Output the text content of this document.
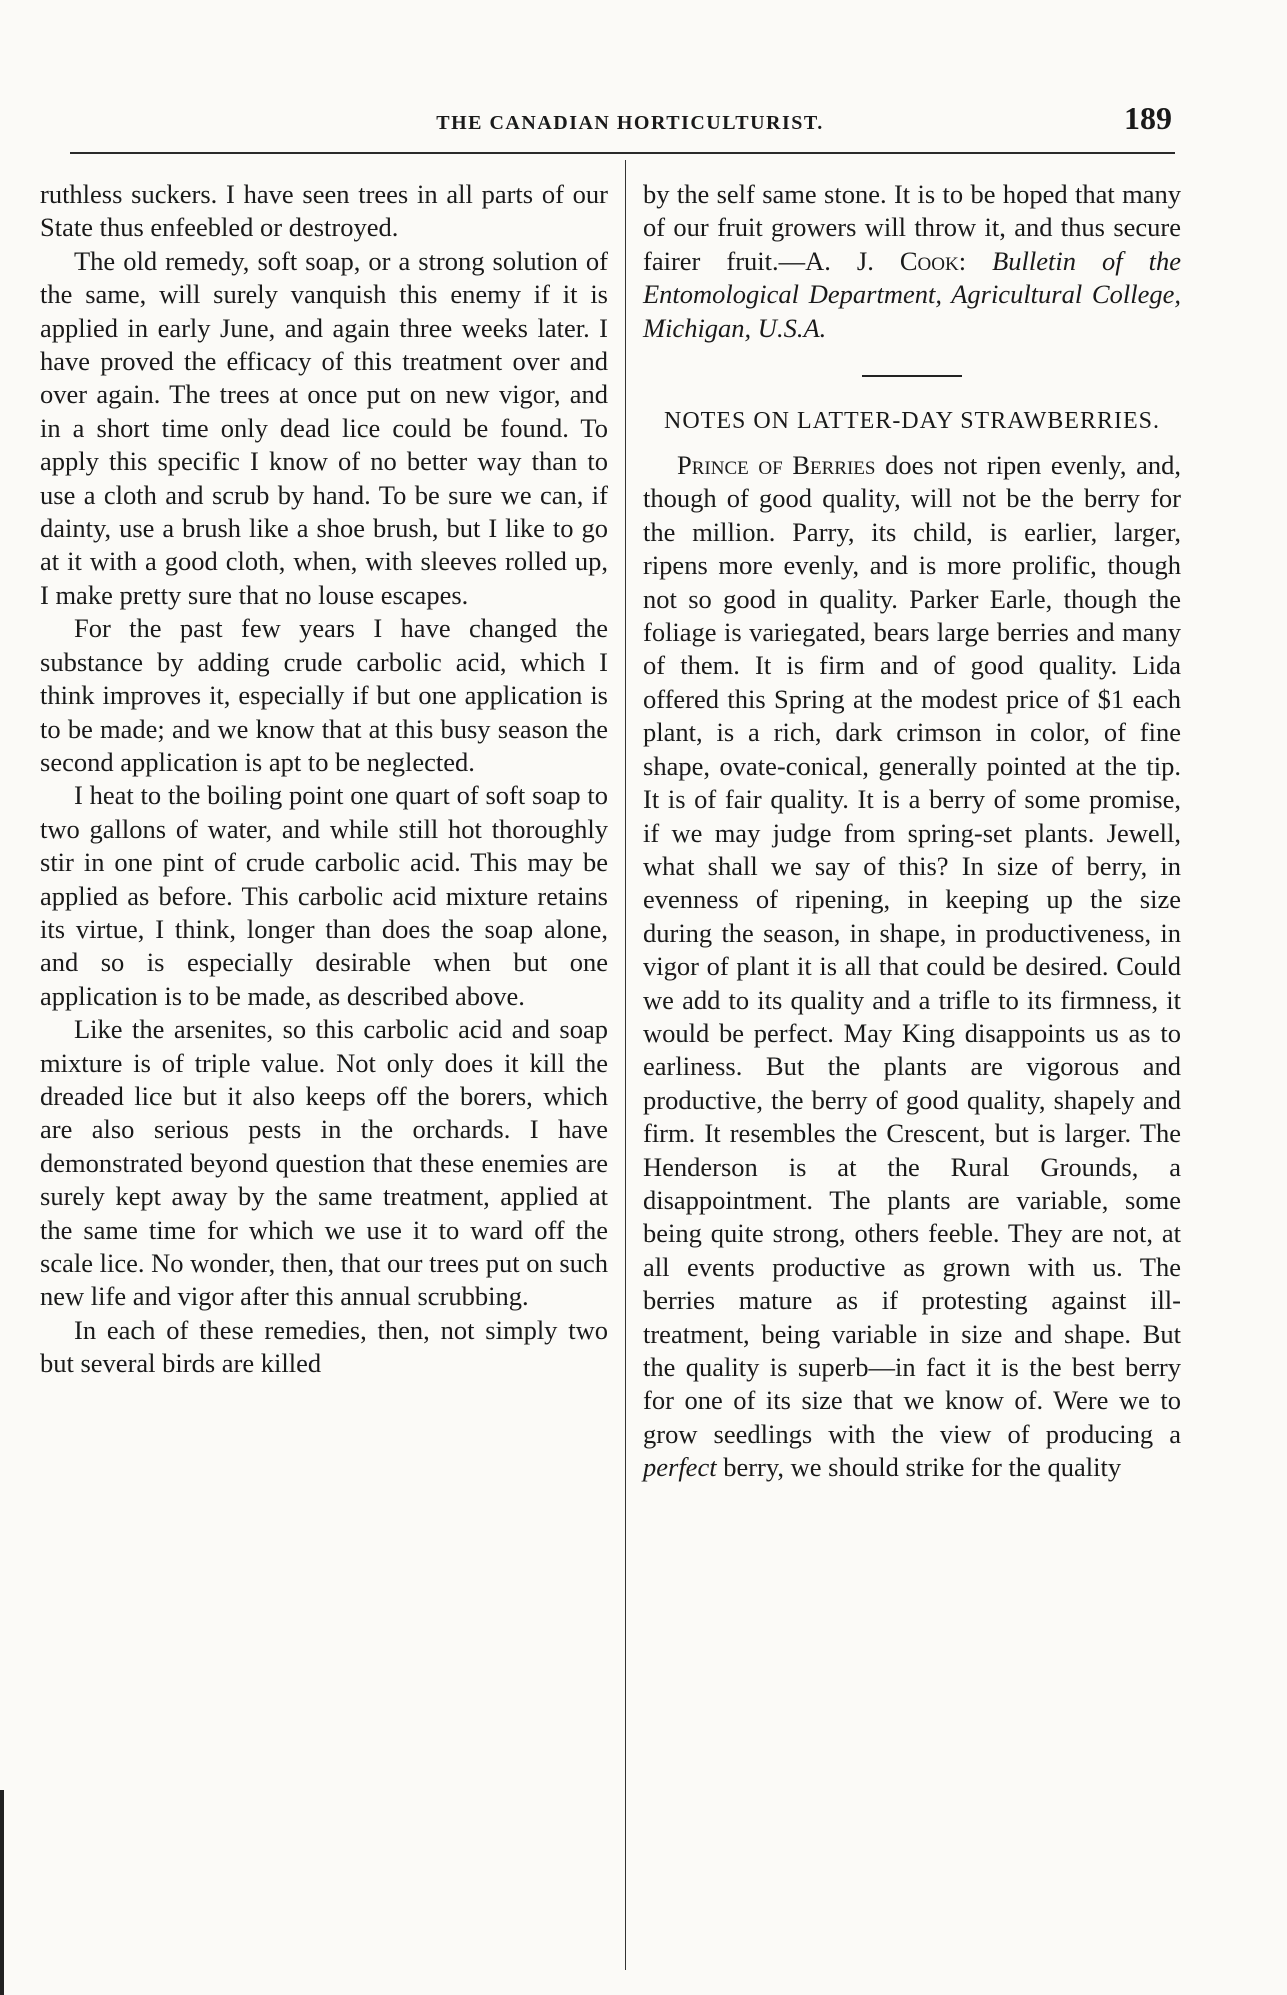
THE CANADIAN HORTICULTURIST.	189

ruthless suckers. I have seen trees in all parts of our State thus enfeebled or destroyed.

The old remedy, soft soap, or a strong solution of the same, will surely vanquish this enemy if it is applied in early June, and again three weeks later. I have proved the efficacy of this treatment over and over again. The trees at once put on new vigor, and in a short time only dead lice could be found. To apply this specific I know of no better way than to use a cloth and scrub by hand. To be sure we can, if dainty, use a brush like a shoe brush, but I like to go at it with a good cloth, when, with sleeves rolled up, I make pretty sure that no louse escapes.

For the past few years I have changed the substance by adding crude carbolic acid, which I think improves it, especially if but one application is to be made; and we know that at this busy season the second application is apt to be neglected.

I heat to the boiling point one quart of soft soap to two gallons of water, and while still hot thoroughly stir in one pint of crude carbolic acid. This may be applied as before. This carbolic acid mixture retains its virtue, I think, longer than does the soap alone, and so is especially desirable when but one application is to be made, as described above.

Like the arsenites, so this carbolic acid and soap mixture is of triple value. Not only does it kill the dreaded lice but it also keeps off the borers, which are also serious pests in the orchards. I have demonstrated beyond question that these enemies are surely kept away by the same treatment, applied at the same time for which we use it to ward off the scale lice. No wonder, then, that our trees put on such new life and vigor after this annual scrubbing.

In each of these remedies, then, not simply two but several birds are killed

by the self same stone. It is to be hoped that many of our fruit growers will throw it, and thus secure fairer fruit.—A. J. Cook: Bulletin of the Entomological Department, Agricultural College, Michigan, U.S.A.

NOTES ON LATTER-DAY STRAWBERRIES.

Prince of Berries does not ripen evenly, and, though of good quality, will not be the berry for the million. Parry, its child, is earlier, larger, ripens more evenly, and is more prolific, though not so good in quality. Parker Earle, though the foliage is variegated, bears large berries and many of them. It is firm and of good quality. Lida offered this Spring at the modest price of $1 each plant, is a rich, dark crimson in color, of fine shape, ovate-conical, generally pointed at the tip. It is of fair quality. It is a berry of some promise, if we may judge from spring-set plants. Jewell, what shall we say of this? In size of berry, in evenness of ripening, in keeping up the size during the season, in shape, in productiveness, in vigor of plant it is all that could be desired. Could we add to its quality and a trifle to its firmness, it would be perfect. May King disappoints us as to earliness. But the plants are vigorous and productive, the berry of good quality, shapely and firm. It resembles the Crescent, but is larger. The Henderson is at the Rural Grounds, a disappointment. The plants are variable, some being quite strong, others feeble. They are not, at all events productive as grown with us. The berries mature as if protesting against ill-treatment, being variable in size and shape. But the quality is superb—in fact it is the best berry for one of its size that we know of. Were we to grow seedlings with the view of producing a perfect berry, we should strike for the quality
